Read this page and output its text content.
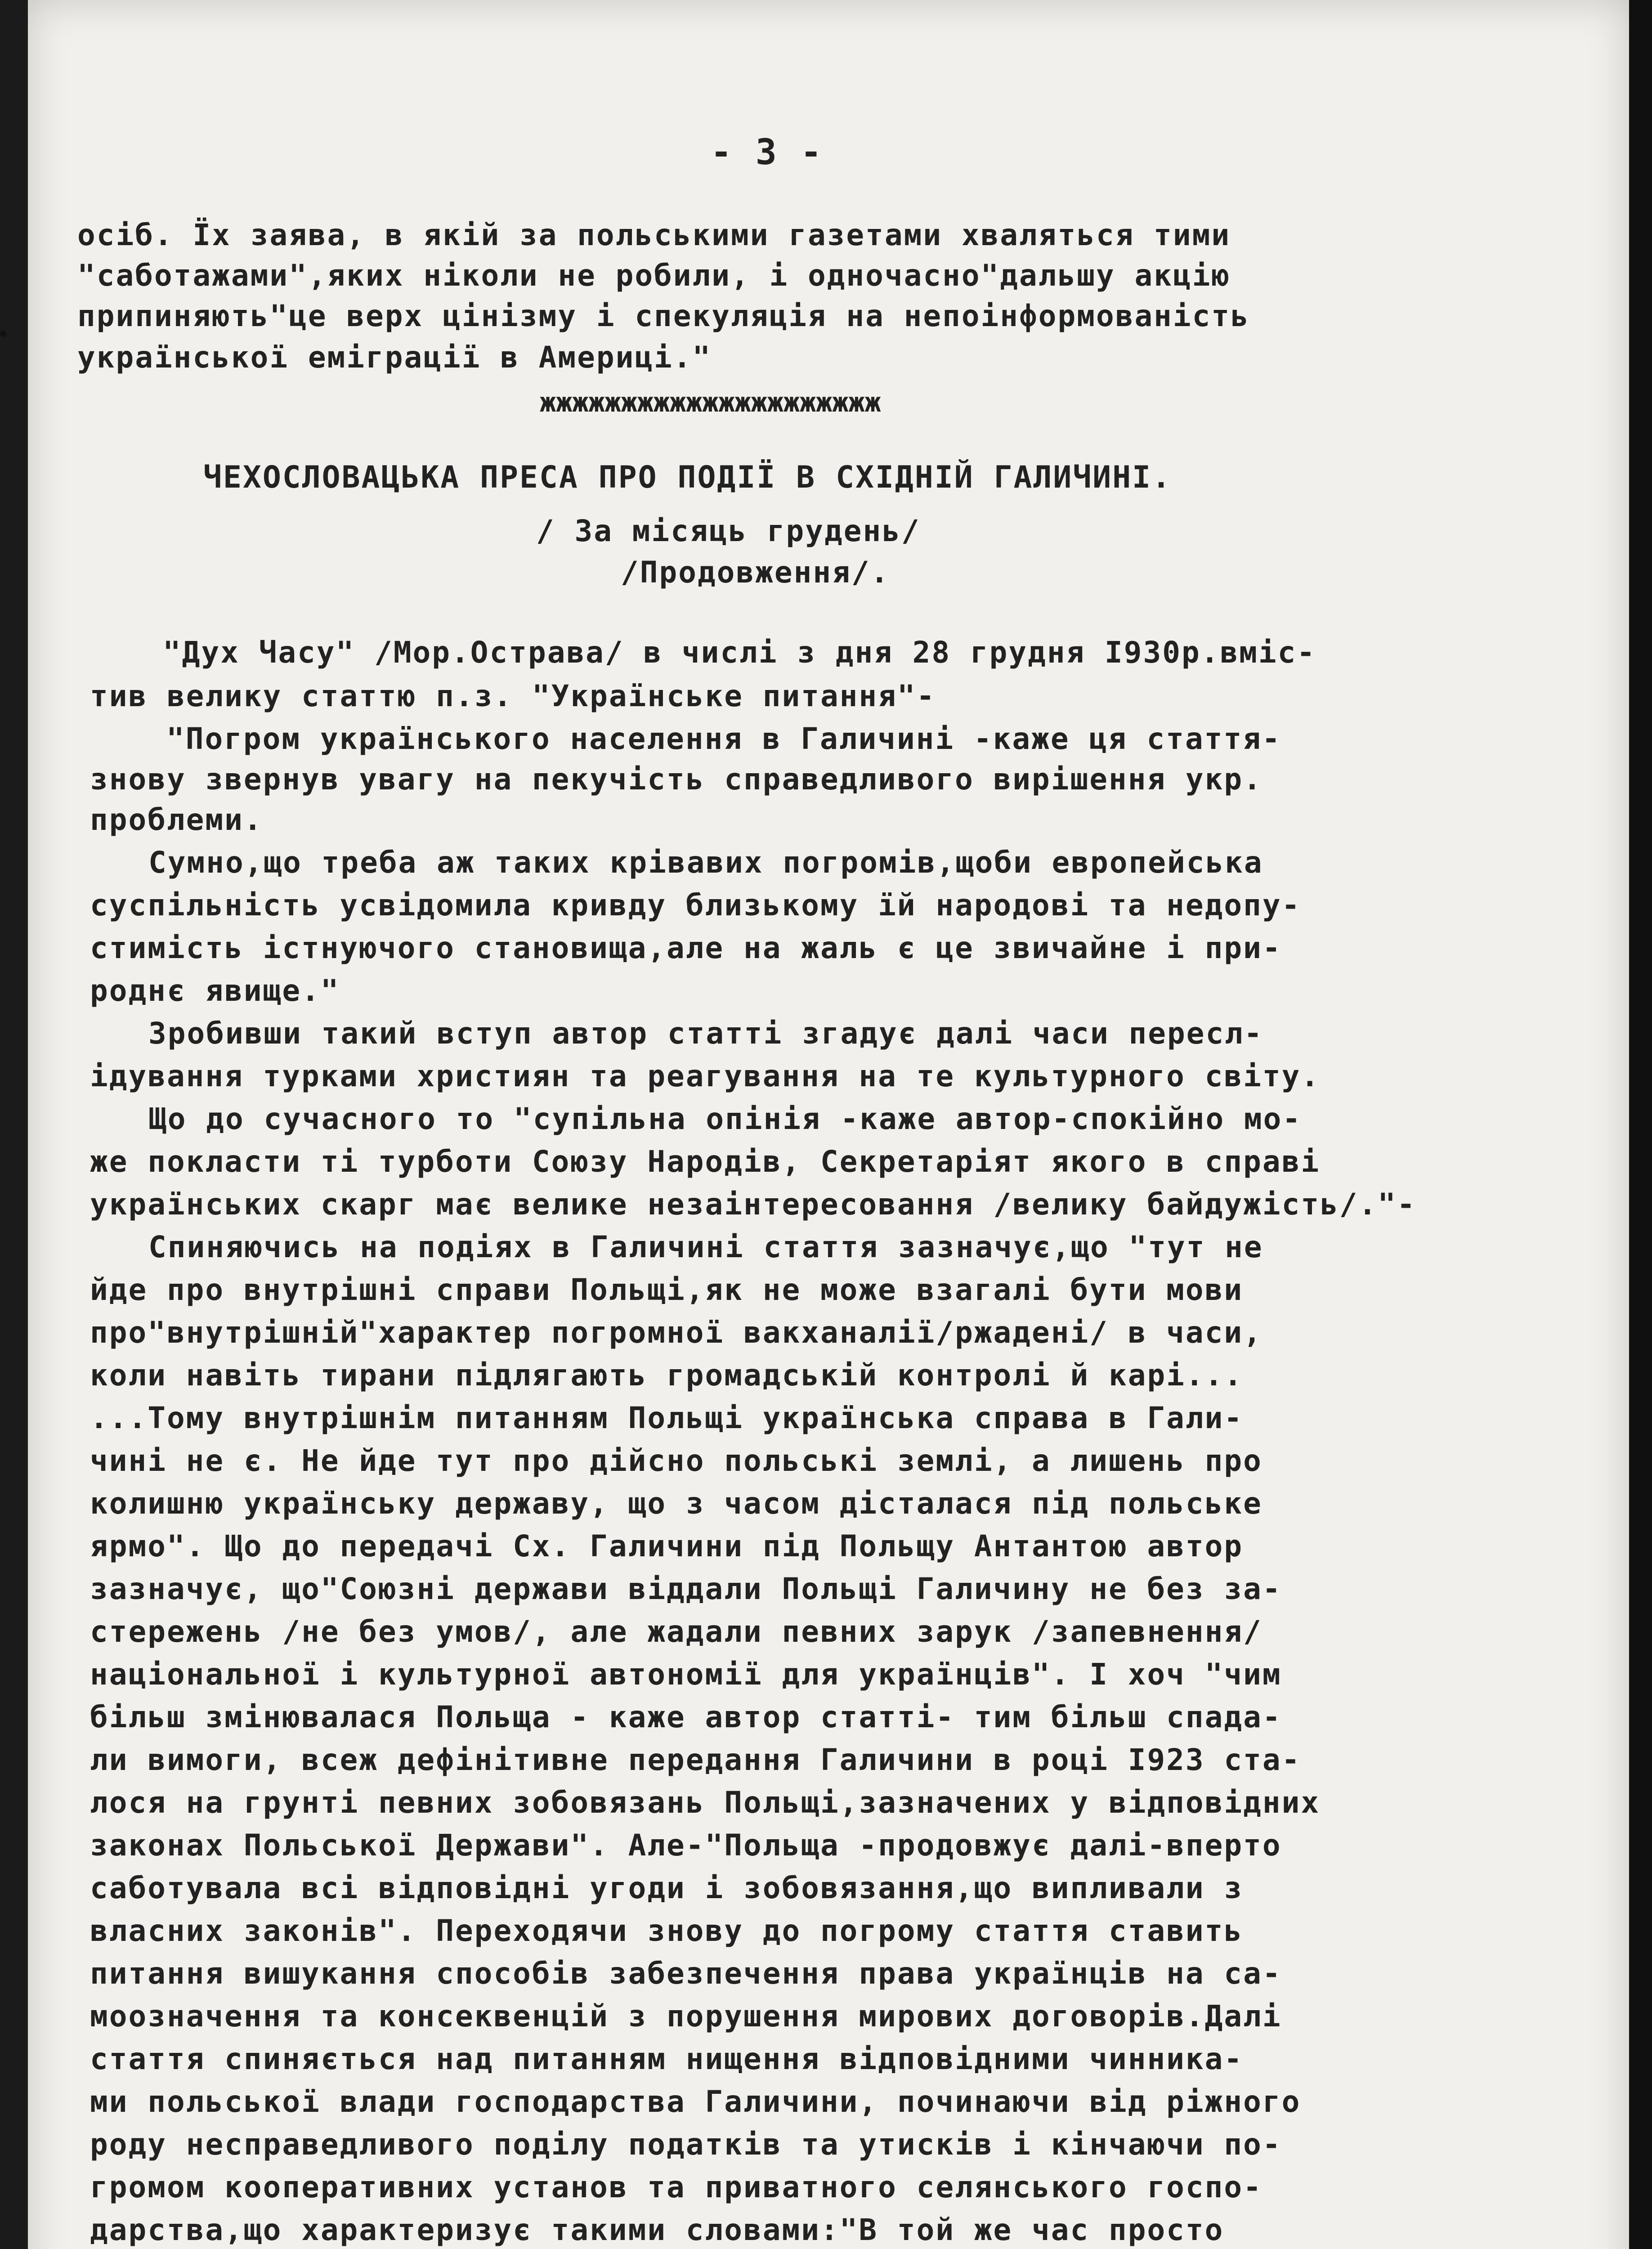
- 3 -
осіб. Їх заява, в якій за польськими газетами хваляться тими
"саботажами",яких ніколи не робили, і одночасно"дальшу акцію
припиняють"це верх цінізму і спекуляція на непоінформованість
української еміграції в Америці."
жжжжжжжжжжжжжжжжжжжжж
ЧЕХОСЛОВАЦЬКА ПРЕСА ПРО ПОДІЇ В СХІДНІЙ ГАЛИЧИНІ.
/ За місяць грудень/
/Продовження/.
"Дух Часу" /Мор.Острава/ в числі з дня 28 грудня І930р.вміс-
тив велику статтю п.з. "Українське питання"-
"Погром українського населення в Галичині -каже ця стаття-
знову звернув увагу на пекучість справедливого вирішення укр.
проблеми.
Сумно,що треба аж таких крівавих погромів,щоби европейська
суспільність усвідомила кривду близькому їй народові та недопу-
стимість істнуючого становища,але на жаль є це звичайне і при-
роднє явище."
Зробивши такий вступ автор статті згадує далі часи пересл-
ідування турками християн та реагування на те культурного світу.
Що до сучасного то "супільна опінія -каже автор-спокійно мо-
же покласти ті турботи Союзу Народів, Секретаріят якого в справі
українських скарг має велике незаінтересовання /велику байдужість/."-
Спиняючись на подіях в Галичині стаття зазначує,що "тут не
йде про внутрішні справи Польщі,як не може взагалі бути мови
про"внутрішній"характер погромної вакханалії/ржадені/ в часи,
коли навіть тирани підлягають громадській контролі й карі...
...Тому внутрішнім питанням Польщі українська справа в Гали-
чині не є. Не йде тут про дійсно польські землі, а лишень про
колишню українську державу, що з часом дісталася під польське
ярмо". Що до передачі Сх. Галичини під Польщу Антантою автор
зазначує, що"Союзні держави віддали Польщі Галичину не без за-
стережень /не без умов/, але жадали певних зарук /запевнення/
національної і культурної автономії для українців". І хоч "чим
більш змінювалася Польща - каже автор статті- тим більш спада-
ли вимоги, всеж дефінітивне передання Галичини в році І923 ста-
лося на грунті певних зобовязань Польщі,зазначених у відповідних
законах Польської Держави". Але-"Польща -продовжує далі-вперто
саботувала всі відповідні угоди і зобовязання,що випливали з
власних законів". Переходячи знову до погрому стаття ставить
питання вишукання способів забезпечення права українців на са-
моозначення та консеквенцій з порушення мирових договорів.Далі
стаття спиняється над питанням нищення відповідними чинника-
ми польської влади господарства Галичини, починаючи від ріжного
роду несправедливого поділу податків та утисків і кінчаючи по-
громом кооперативних установ та приватного селянського госпо-
дарства,що характеризує такими словами:"В той же час просто
